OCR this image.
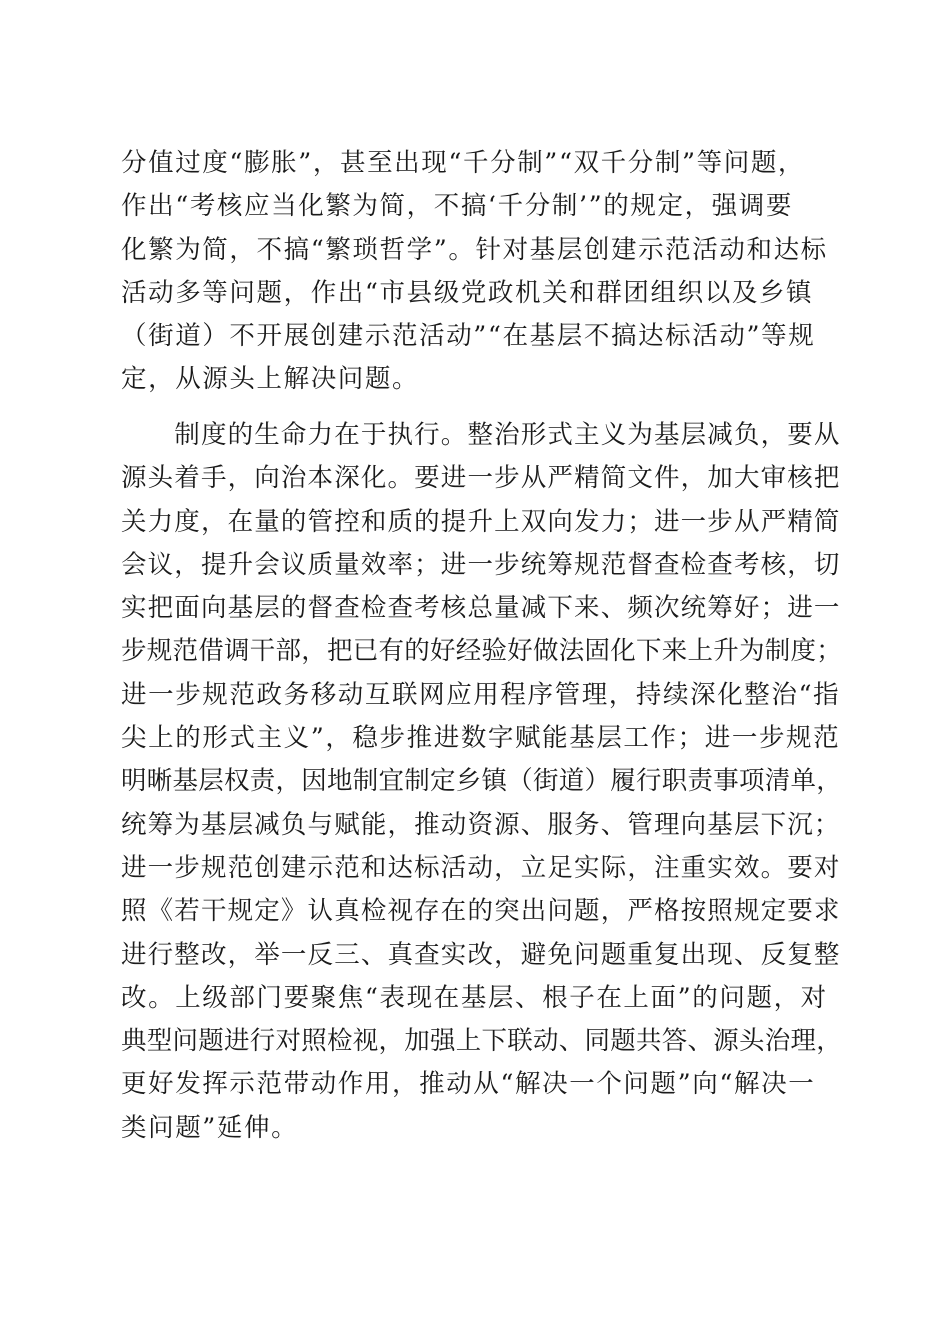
分值过度“膨胀”，甚至出现“千分制”“双千分制”等问题，
作出“考核应当化繁为简，不搞‘千分制’”的规定，强调要
化繁为简，不搞“繁琐哲学”。针对基层创建示范活动和达标
活动多等问题，作出“市县级党政机关和群团组织以及乡镇
（街道）不开展创建示范活动”“在基层不搞达标活动”等规
定，从源头上解决问题。
　　制度的生命力在于执行。整治形式主义为基层减负，要从
源头着手，向治本深化。要进一步从严精简文件，加大审核把
关力度，在量的管控和质的提升上双向发力；进一步从严精简
会议，提升会议质量效率；进一步统筹规范督查检查考核，切
实把面向基层的督查检查考核总量减下来、频次统筹好；进一
步规范借调干部，把已有的好经验好做法固化下来上升为制度；
进一步规范政务移动互联网应用程序管理，持续深化整治“指
尖上的形式主义”，稳步推进数字赋能基层工作；进一步规范
明晰基层权责，因地制宜制定乡镇（街道）履行职责事项清单，
统筹为基层减负与赋能，推动资源、服务、管理向基层下沉；
进一步规范创建示范和达标活动，立足实际，注重实效。要对
照《若干规定》认真检视存在的突出问题，严格按照规定要求
进行整改，举一反三、真查实改，避免问题重复出现、反复整
改。上级部门要聚焦“表现在基层、根子在上面”的问题，对
典型问题进行对照检视，加强上下联动、同题共答、源头治理，
更好发挥示范带动作用，推动从“解决一个问题”向“解决一
类问题”延伸。
